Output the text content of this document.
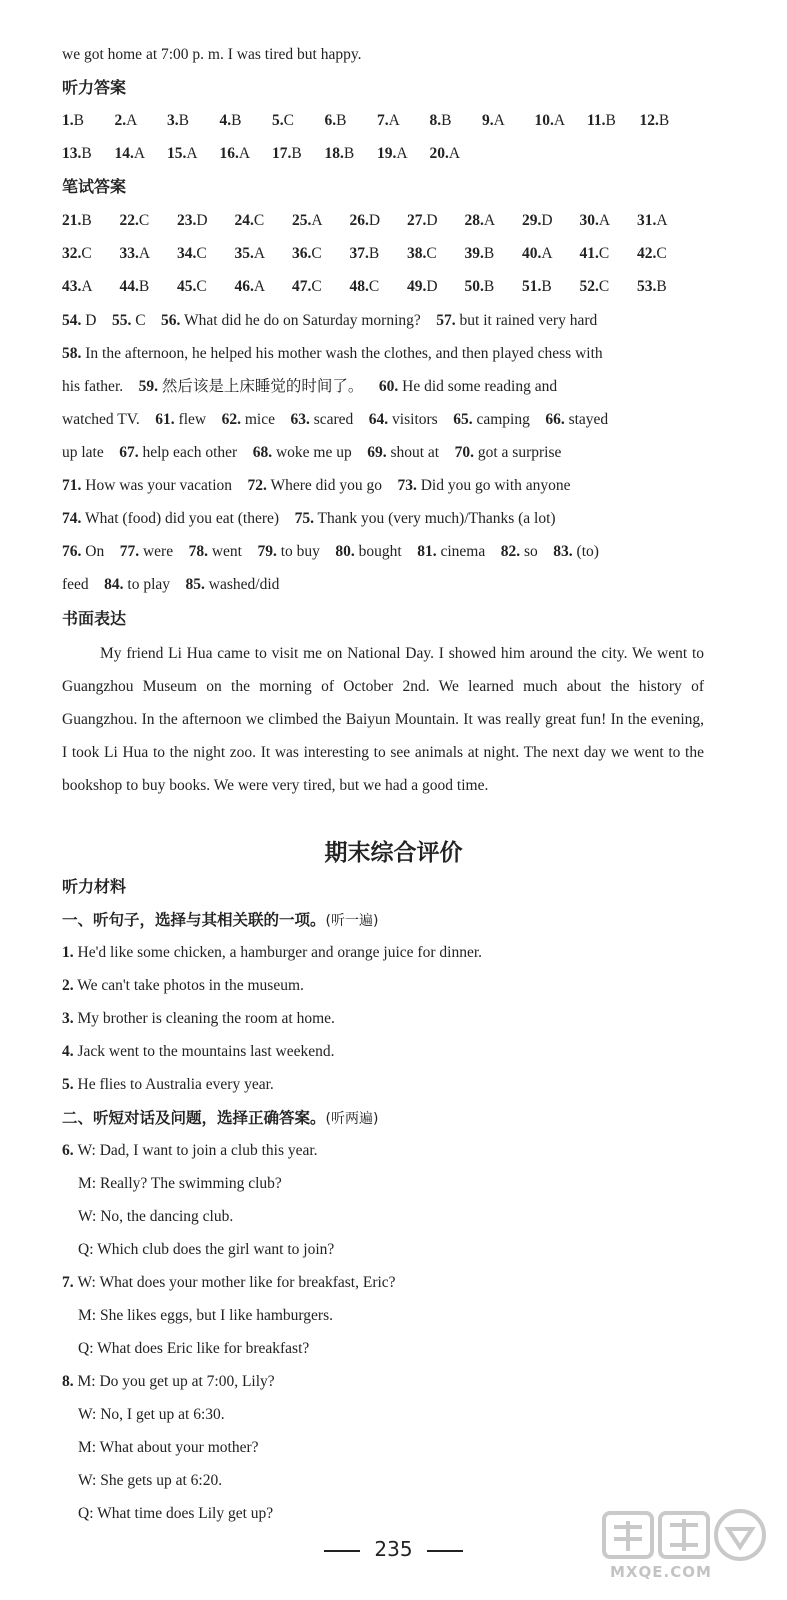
we got home at 7:00 p. m. I was tired but happy.
听力答案
1.B 2.A 3.B 4.B 5.C 6.B 7.A 8.B 9.A 10.A 11.B 12.B
13.B 14.A 15.A 16.A 17.B 18.B 19.A 20.A
笔试答案
21.B 22.C 23.D 24.C 25.A 26.D 27.D 28.A 29.D 30.A 31.A
32.C 33.A 34.C 35.A 36.C 37.B 38.C 39.B 40.A 41.C 42.C
43.A 44.B 45.C 46.A 47.C 48.C 49.D 50.B 51.B 52.C 53.B
54. D    55. C    56. What did he do on Saturday morning?    57. but it rained very hard
58. In the afternoon, he helped his mother wash the clothes, and then played chess with
his father.    59. 然后该是上床睡觉的时间了。    60. He did some reading and
watched TV.    61. flew    62. mice    63. scared    64. visitors    65. camping    66. stayed
up late    67. help each other    68. woke me up    69. shout at    70. got a surprise
71. How was your vacation    72. Where did you go    73. Did you go with anyone
74. What (food) did you eat (there)    75. Thank you (very much)/Thanks (a lot)
76. On    77. were    78. went    79. to buy    80. bought    81. cinema    82. so    83. (to)
feed    84. to play    85. washed/did
书面表达
My friend Li Hua came to visit me on National Day. I showed him around the city. We went to Guangzhou Museum on the morning of October 2nd. We learned much about the history of Guangzhou. In the afternoon we climbed the Baiyun Mountain. It was really great fun! In the evening, I took Li Hua to the night zoo. It was interesting to see animals at night. The next day we went to the bookshop to buy books. We were very tired, but we had a good time.
期末综合评价
听力材料
一、听句子，选择与其相关联的一项。(听一遍)
1. He'd like some chicken, a hamburger and orange juice for dinner.
2. We can't take photos in the museum.
3. My brother is cleaning the room at home.
4. Jack went to the mountains last weekend.
5. He flies to Australia every year.
二、听短对话及问题，选择正确答案。(听两遍)
6. W: Dad, I want to join a club this year.
M: Really? The swimming club?
W: No, the dancing club.
Q: Which club does the girl want to join?
7. W: What does your mother like for breakfast, Eric?
M: She likes eggs, but I like hamburgers.
Q: What does Eric like for breakfast?
8. M: Do you get up at 7:00, Lily?
W: No, I get up at 6:30.
M: What about your mother?
W: She gets up at 6:20.
Q: What time does Lily get up?
235
MXQE.COM
